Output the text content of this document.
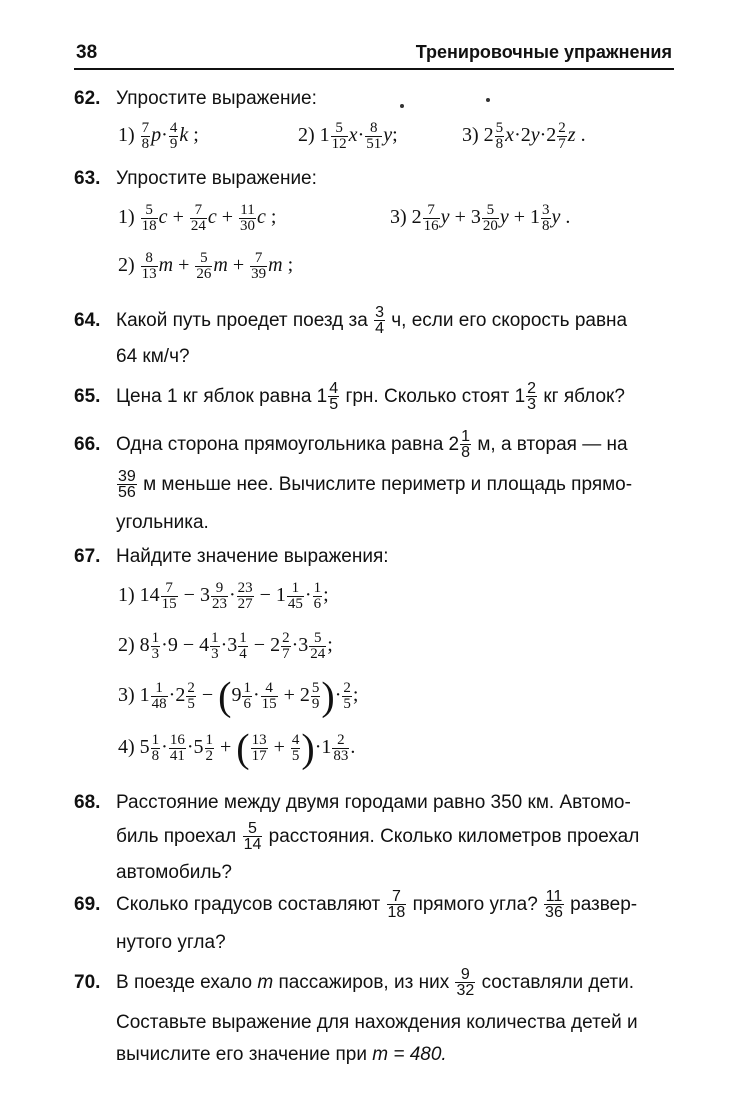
38	Тренировочные упражнения
62. Упростите выражение:
$1) \frac{7}{8} p\cdot \frac{4}{9}$ k ;	2) $1 \frac{5}{12} x\cdot \frac{8}{51} y$;	3) $2 \frac{5}{8} x\cdot 2y\cdot 2 \frac{2}{7}$ z .
63. Упростите выражение:
$1) \frac{5}{18}$ $c + \frac{7}{24}$ $c + \frac{11}{30}$ c ;	3) $2 \frac{7}{16}$ $y + 3 \frac{5}{20}$ $y + 1 \frac{3}{8}$ y .
$2) \frac{8}{13}$ $m + \frac{5}{26}$ $m + \frac{7}{39}$ m ;
64. Какой путь проедет поезд за $\frac{3}{4} ч$, если его скорость равна
64 км/ч?
65. Цена 1 кг яблок равна $1 \frac{4}{5}$ грн. Сколько стоят $1 \frac{2}{3}$ кг яблок?
66. Одна сторона прямоугольника равна $2 \frac{1}{8} м$, а вторая — на
$\frac{39}{56}$ м меньше нее. Вычислите периметр и площадь прямо-
угольника.
67. Найдите значение выражения:
1) $14 \frac{7}{15} - 3 \frac{9}{23} \cdot \frac{23}{27} - 1 \frac{1}{45} \cdot \frac{1}{6}$ ;
2) $8 \frac{1}{3} \cdot 9 - 4 \frac{1}{3} \cdot 3 \frac{1}{4} - 2 \frac{2}{7} \cdot 3 \frac{5}{24}$ ;
3) $1 \frac{1}{48} \cdot 2 \frac{2}{5} - (9 \frac{1}{6} \cdot \frac{4}{15} + 2 \frac{5}{9}$ )· $\frac{2}{5}$ ;
4) $5 \frac{1}{8} \cdot \frac{16}{41} \cdot 5 \frac{1}{2}$ + ( $\frac{13}{17} + \frac{4}{5} )\cdot 1 \frac{2}{83}$ .
68. Расстояние между двумя городами равно 350 км. Автомо-
биль проехал $\frac{5}{14}$ расстояния. Сколько километров проехал
автомобиль?
69. Сколько градусов составляют $\frac{7}{18}$ прямого угла? $\frac{11}{36}$ развер-
нутого угла?
70. В поезде ехало m пассажиров, из них $\frac{9}{32}$ составляли дети.
Составьте выражение для нахождения количества детей и
вычислите его значение при m = 480.
